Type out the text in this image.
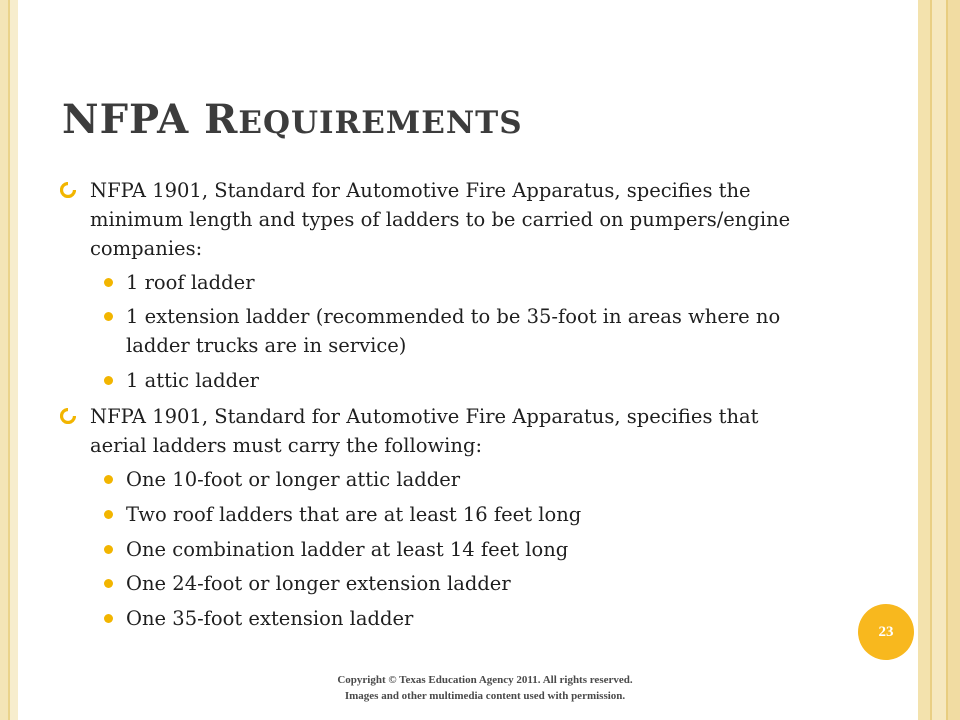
NFPA REQUIREMENTS
NFPA 1901, Standard for Automotive Fire Apparatus, specifies the minimum length and types of ladders to be carried on pumpers/engine companies:
1 roof ladder
1 extension ladder (recommended to be 35-foot in areas where no ladder trucks are in service)
1 attic ladder
NFPA 1901, Standard for Automotive Fire Apparatus, specifies that aerial ladders must carry the following:
One 10-foot or longer attic ladder
Two roof ladders that are at least 16 feet long
One combination ladder at least 14 feet long
One 24-foot or longer extension ladder
One 35-foot extension ladder
23
Copyright © Texas Education Agency 2011. All rights reserved.
Images and other multimedia content used with permission.
